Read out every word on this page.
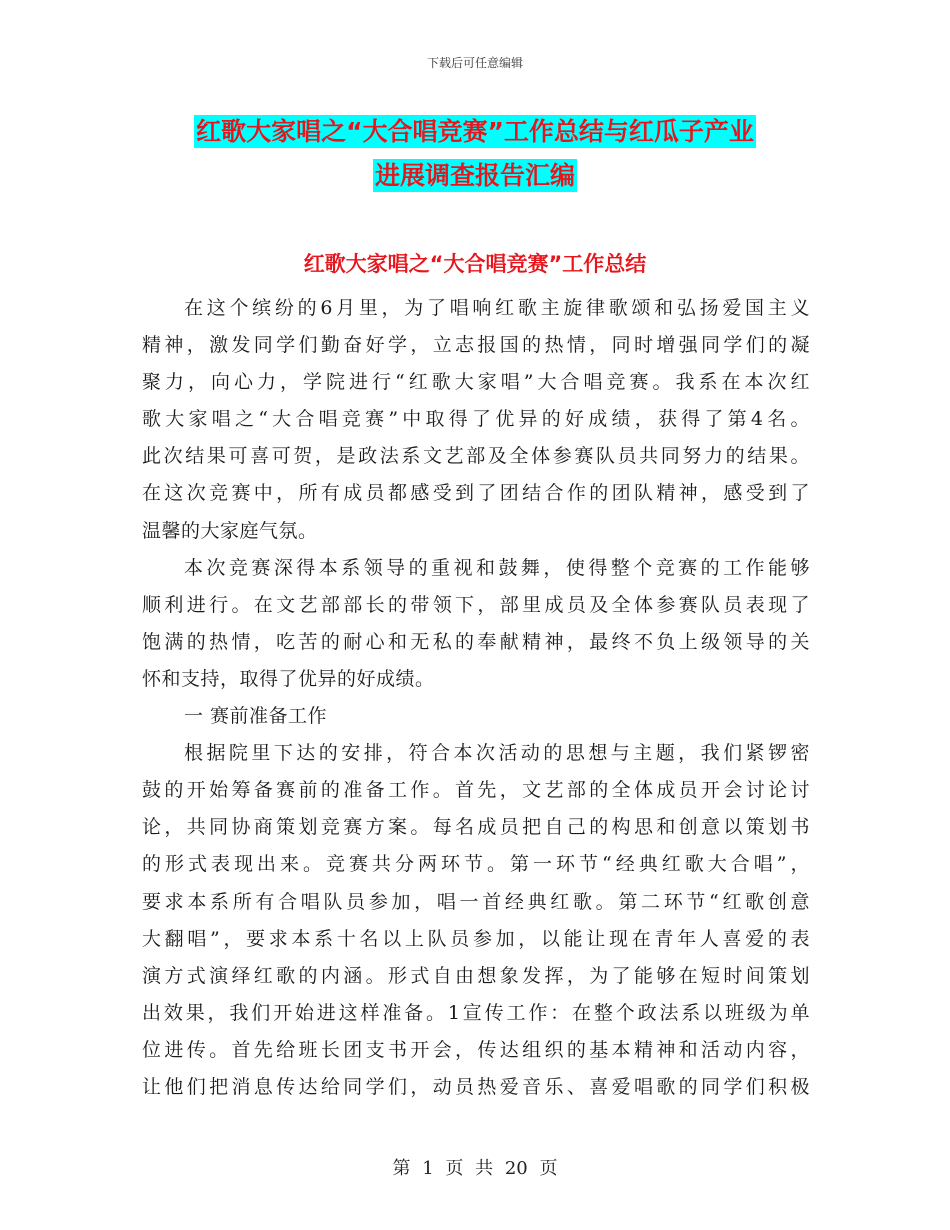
下载后可任意编辑
红歌大家唱之“大合唱竞赛”工作总结与红瓜子产业
进展调查报告汇编
红歌大家唱之“大合唱竞赛”工作总结
在这个缤纷的6月里，为了唱响红歌主旋律歌颂和弘扬爱国主义
精神，激发同学们勤奋好学，立志报国的热情，同时增强同学们的凝
聚力，向心力，学院进行“红歌大家唱”大合唱竞赛。我系在本次红
歌大家唱之“大合唱竞赛”中取得了优异的好成绩，获得了第4名。
此次结果可喜可贺，是政法系文艺部及全体参赛队员共同努力的结果。
在这次竞赛中，所有成员都感受到了团结合作的团队精神，感受到了
温馨的大家庭气氛。
本次竞赛深得本系领导的重视和鼓舞，使得整个竞赛的工作能够
顺利进行。在文艺部部长的带领下，部里成员及全体参赛队员表现了
饱满的热情，吃苦的耐心和无私的奉献精神，最终不负上级领导的关
怀和支持，取得了优异的好成绩。
一 赛前准备工作
根据院里下达的安排，符合本次活动的思想与主题，我们紧锣密
鼓的开始筹备赛前的准备工作。首先，文艺部的全体成员开会讨论讨
论，共同协商策划竞赛方案。每名成员把自己的构思和创意以策划书
的形式表现出来。竞赛共分两环节。第一环节“经典红歌大合唱”，
要求本系所有合唱队员参加，唱一首经典红歌。第二环节“红歌创意
大翻唱”，要求本系十名以上队员参加，以能让现在青年人喜爱的表
演方式演绎红歌的内涵。形式自由想象发挥，为了能够在短时间策划
出效果，我们开始进这样准备。1宣传工作：在整个政法系以班级为单
位进传。首先给班长团支书开会，传达组织的基本精神和活动内容，
让他们把消息传达给同学们，动员热爱音乐、喜爱唱歌的同学们积极
第 1 页 共 20 页
